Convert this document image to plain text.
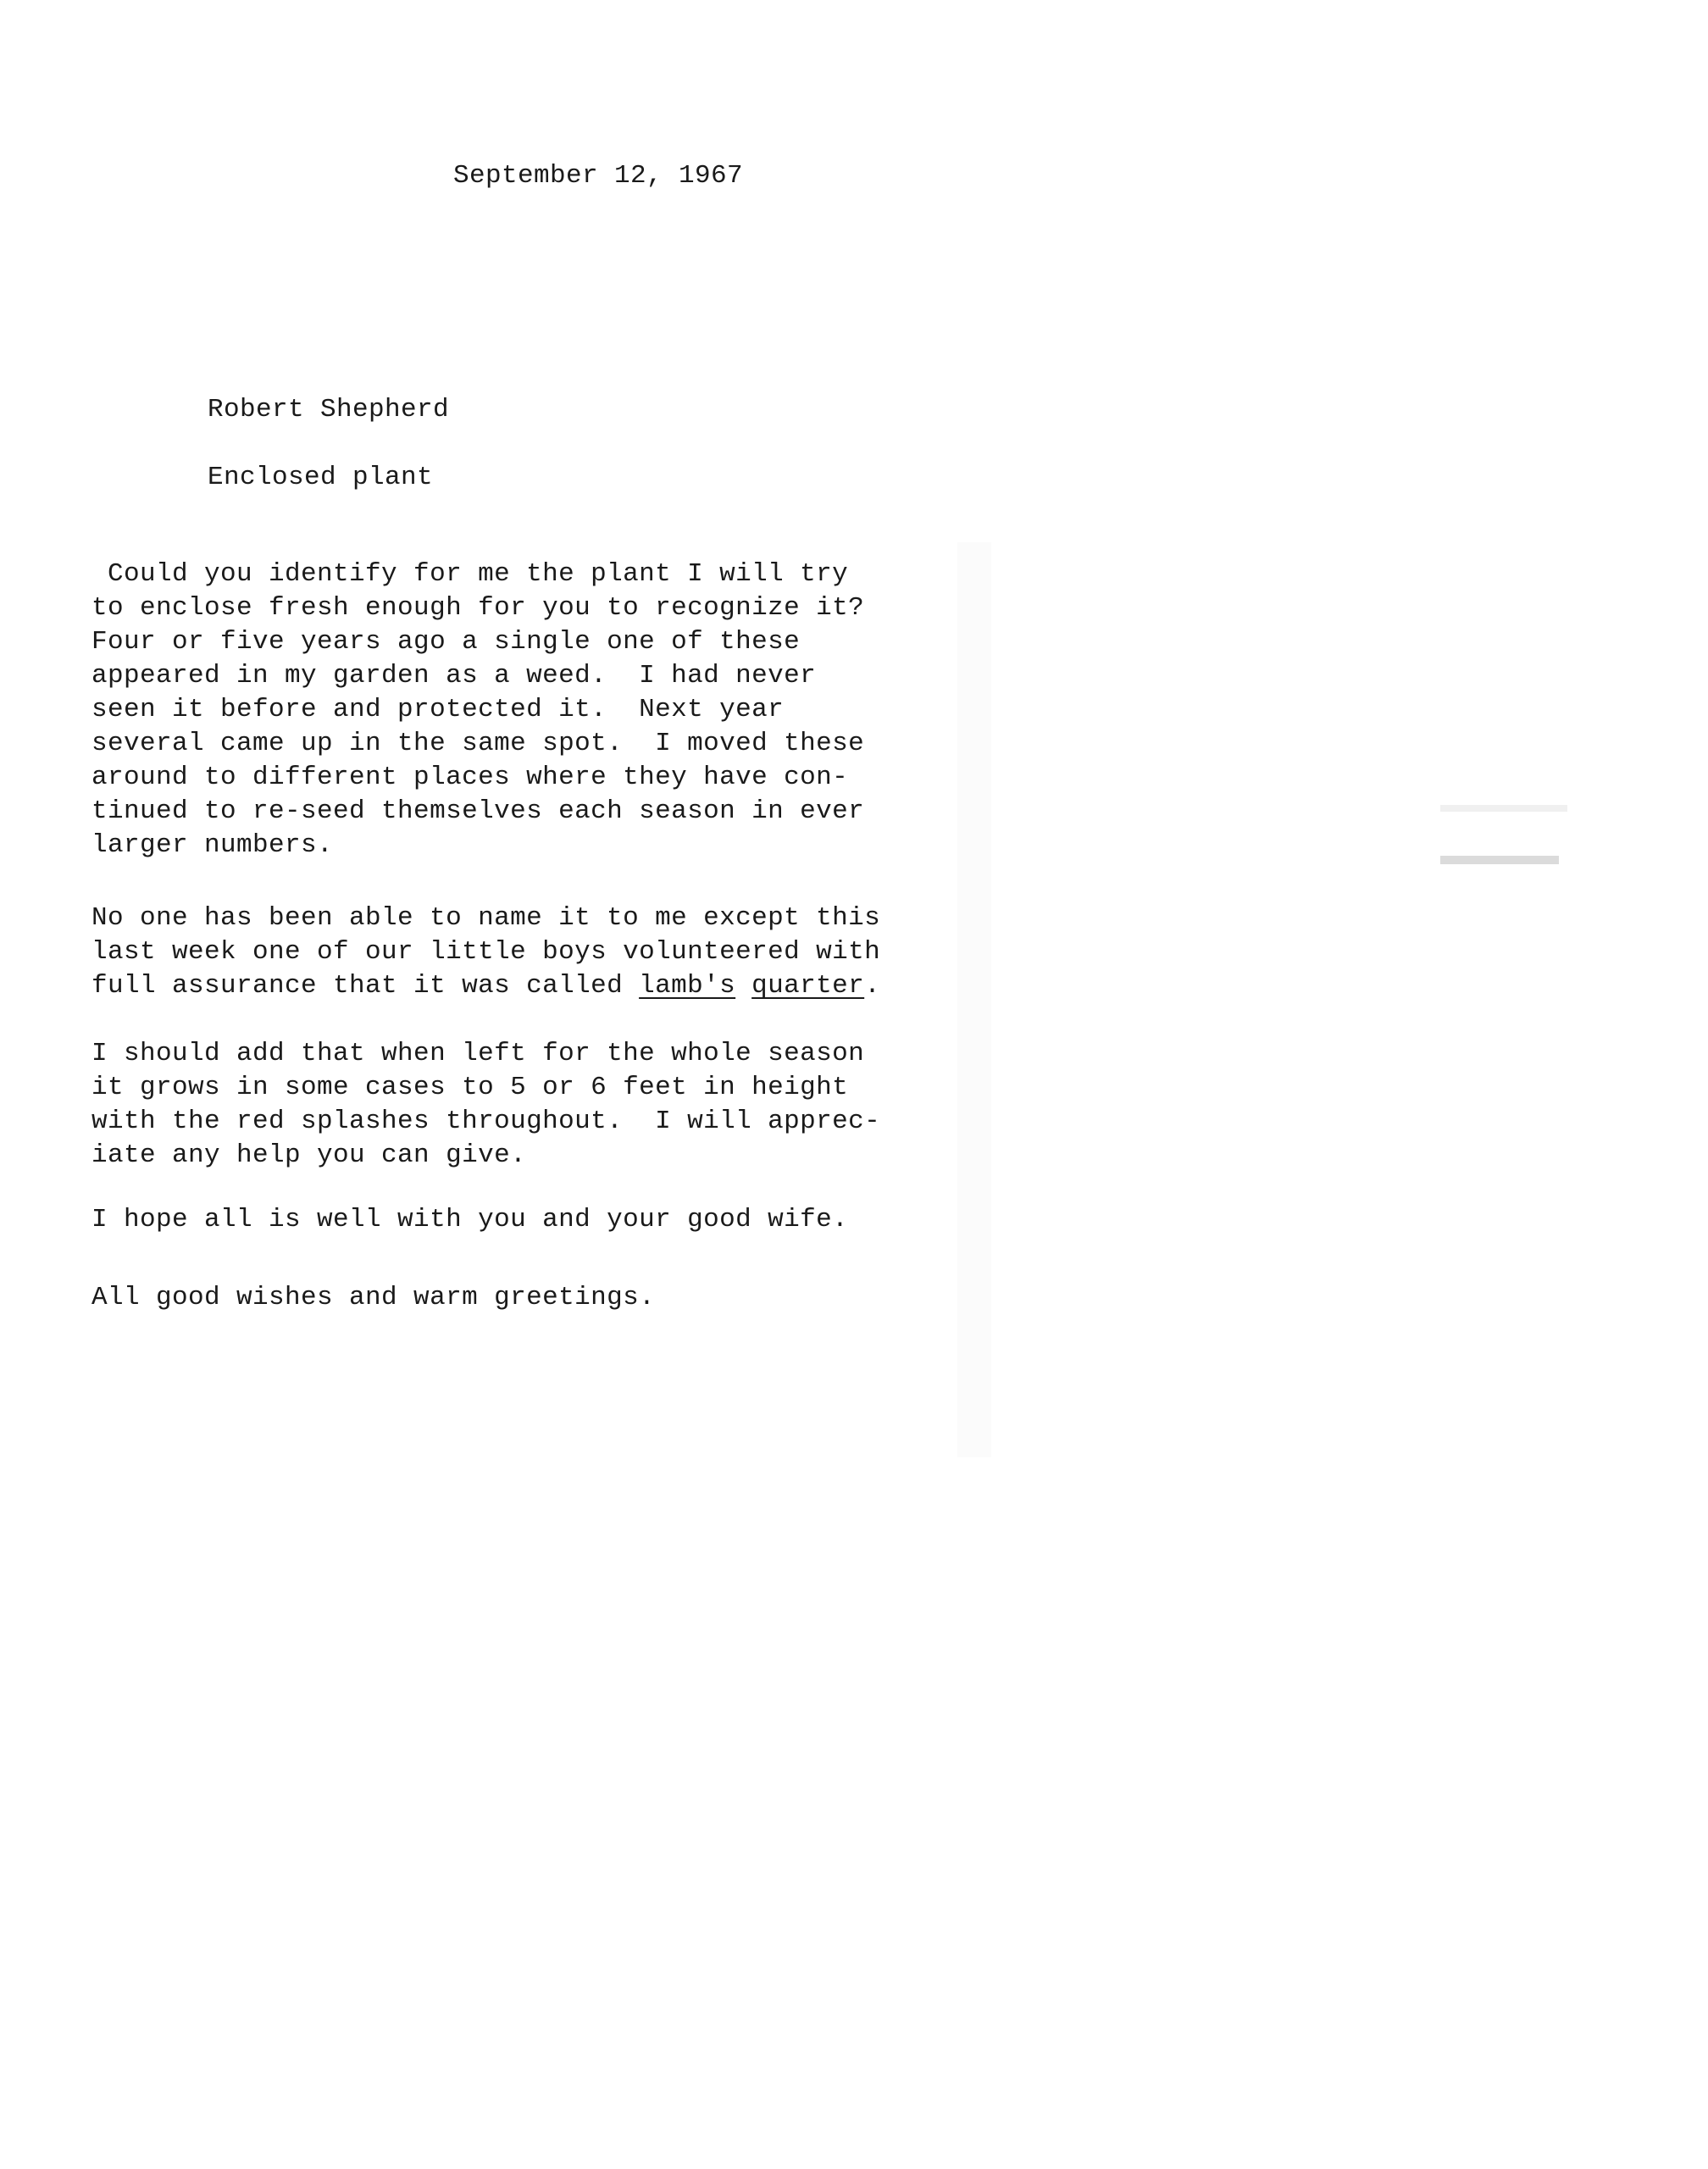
September 12, 1967

Robert Shepherd

Enclosed plant

Could you identify for me the plant I will try
to enclose fresh enough for you to recognize it?
Four or five years ago a single one of these
appeared in my garden as a weed.  I had never
seen it before and protected it.  Next year
several came up in the same spot.  I moved these
around to different places where they have con-
tinued to re-seed themselves each season in ever
larger numbers.
No one has been able to name it to me except this
last week one of our little boys volunteered with
full assurance that it was called lamb's quarter.
I should add that when left for the whole season
it grows in some cases to 5 or 6 feet in height
with the red splashes throughout.  I will apprec-
iate any help you can give.
I hope all is well with you and your good wife.
All good wishes and warm greetings.
